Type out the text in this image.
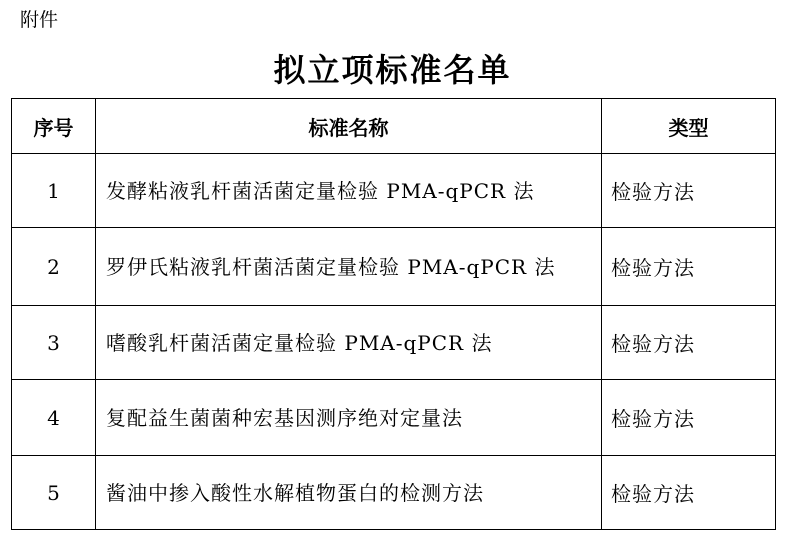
附件
拟立项标准名单
序号	标准名称	类型
1	发酵粘液乳杆菌活菌定量检验 PMA-qPCR 法	检验方法
2	罗伊氏粘液乳杆菌活菌定量检验 PMA-qPCR 法	检验方法
3	嗜酸乳杆菌活菌定量检验 PMA-qPCR 法	检验方法
4	复配益生菌菌种宏基因测序绝对定量法	检验方法
5	酱油中掺入酸性水解植物蛋白的检测方法	检验方法
